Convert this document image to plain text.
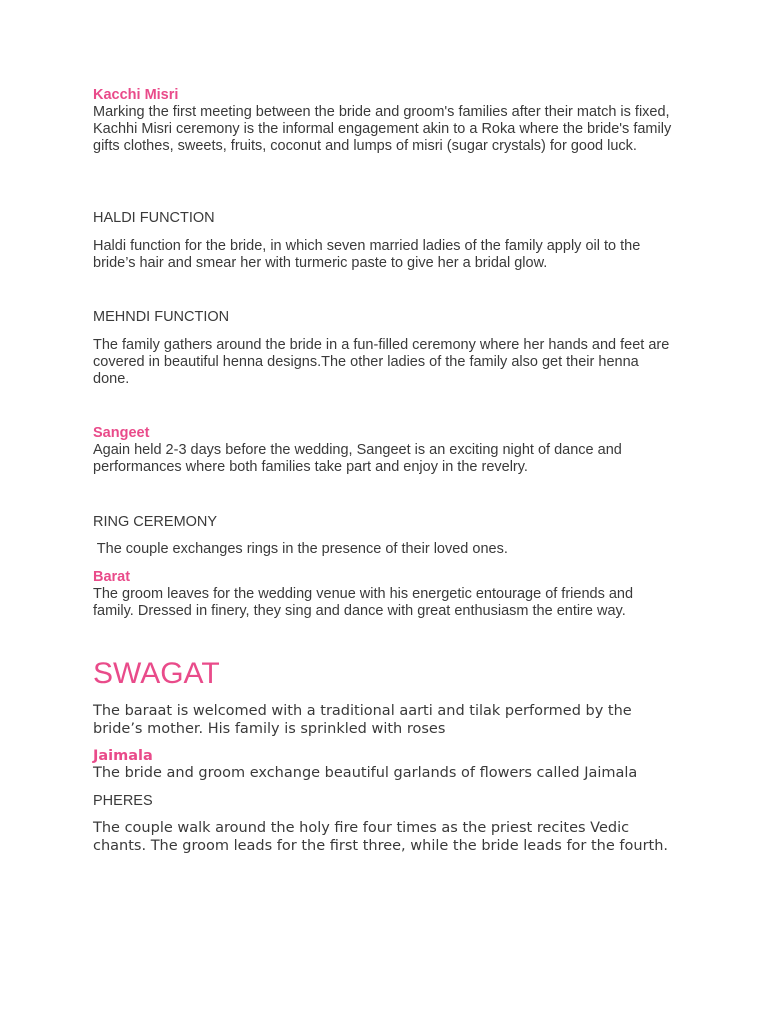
Kacchi Misri
Marking the first meeting between the bride and groom's families after their match is fixed, Kachhi Misri ceremony is the informal engagement akin to a Roka where the bride's family gifts clothes, sweets, fruits, coconut and lumps of misri (sugar crystals) for good luck.
HALDI FUNCTION
Haldi function for the bride, in which seven married ladies of the family apply oil to the bride’s hair and smear her with turmeric paste to give her a bridal glow.
MEHNDI FUNCTION
The family gathers around the bride in a fun-filled ceremony where her hands and feet are covered in beautiful henna designs.The other ladies of the family also get their henna done.
Sangeet
Again held 2-3 days before the wedding, Sangeet is an exciting night of dance and performances where both families take part and enjoy in the revelry.
RING CEREMONY
The couple exchanges rings in the presence of their loved ones.
Barat
The groom leaves for the wedding venue with his energetic entourage of friends and family. Dressed in finery, they sing and dance with great enthusiasm the entire way.
SWAGAT
The baraat is welcomed with a traditional aarti and tilak performed by the bride’s mother. His family is sprinkled with roses
Jaimala
The bride and groom exchange beautiful garlands of flowers called Jaimala
PHERES
The couple walk around the holy fire four times as the priest recites Vedic chants. The groom leads for the first three, while the bride leads for the fourth.
